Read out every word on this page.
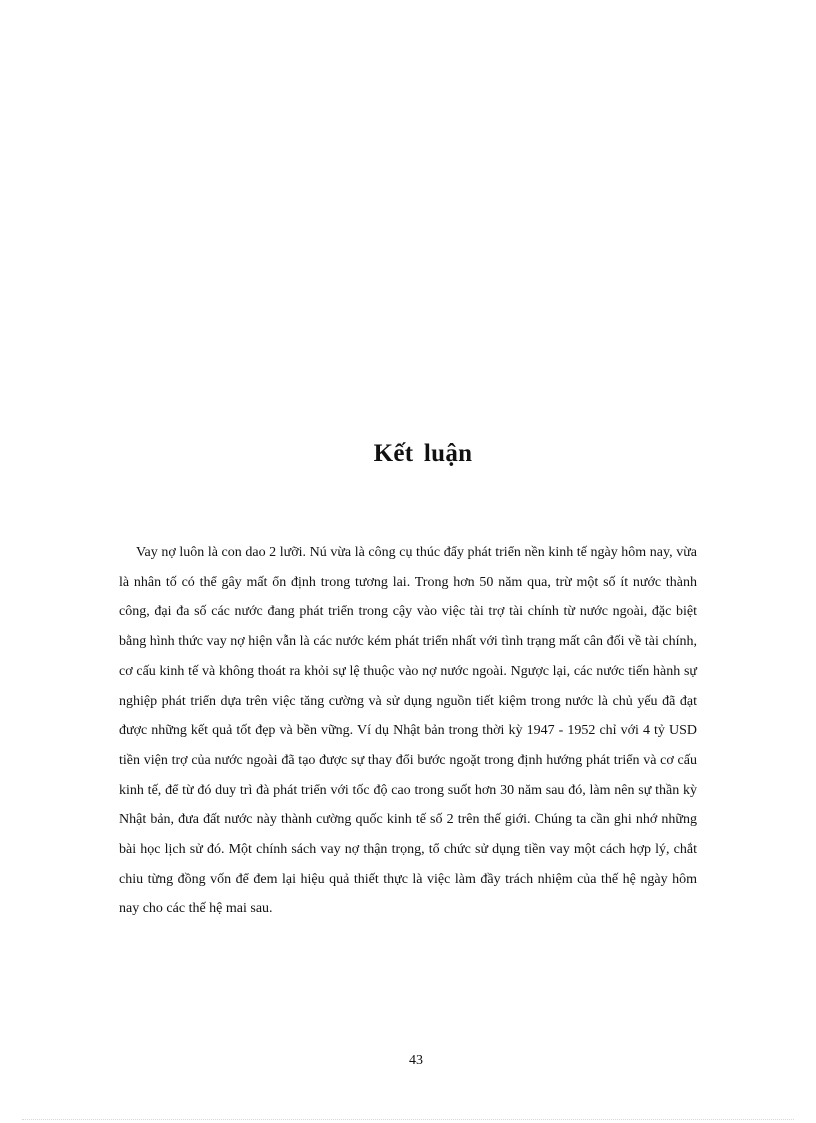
Kết luận

Vay nợ luôn là con dao 2 lưỡi. Nú vừa là công cụ thúc đẩy phát triển nền kinh tế ngày hôm nay, vừa là nhân tố có thể gây mất ổn định trong tương lai. Trong hơn 50 năm qua, trừ một số ít nước thành công, đại đa số các nước đang phát triển trong cậy vào việc tài trợ tài chính từ nước ngoài, đặc biệt bằng hình thức vay nợ hiện vẫn là các nước kém phát triển nhất với tình trạng mất cân đối về tài chính, cơ cấu kinh tế và không thoát ra khỏi sự lệ thuộc vào nợ nước ngoài. Ngược lại, các nước tiến hành sự nghiệp phát triển dựa trên việc tăng cường và sử dụng nguồn tiết kiệm trong nước là chủ yếu đã đạt được những kết quả tốt đẹp và bền vững. Ví dụ Nhật bản trong thời kỳ 1947 - 1952 chỉ với 4 tỷ USD tiền viện trợ của nước ngoài đã tạo được sự thay đổi bước ngoặt trong định hướng phát triển và cơ cấu kinh tế, để từ đó duy trì đà phát triển với tốc độ cao trong suốt hơn 30 năm sau đó, làm nên sự thần kỳ Nhật bản, đưa đất nước này thành cường quốc kinh tế số 2 trên thế giới. Chúng ta cần ghi nhớ những bài học lịch sử đó. Một chính sách vay nợ thận trọng, tổ chức sử dụng tiền vay một cách hợp lý, chắt chiu từng đồng vốn để đem lại hiệu quả thiết thực là việc làm đầy trách nhiệm của thế hệ ngày hôm nay cho các thế hệ mai sau.

43
